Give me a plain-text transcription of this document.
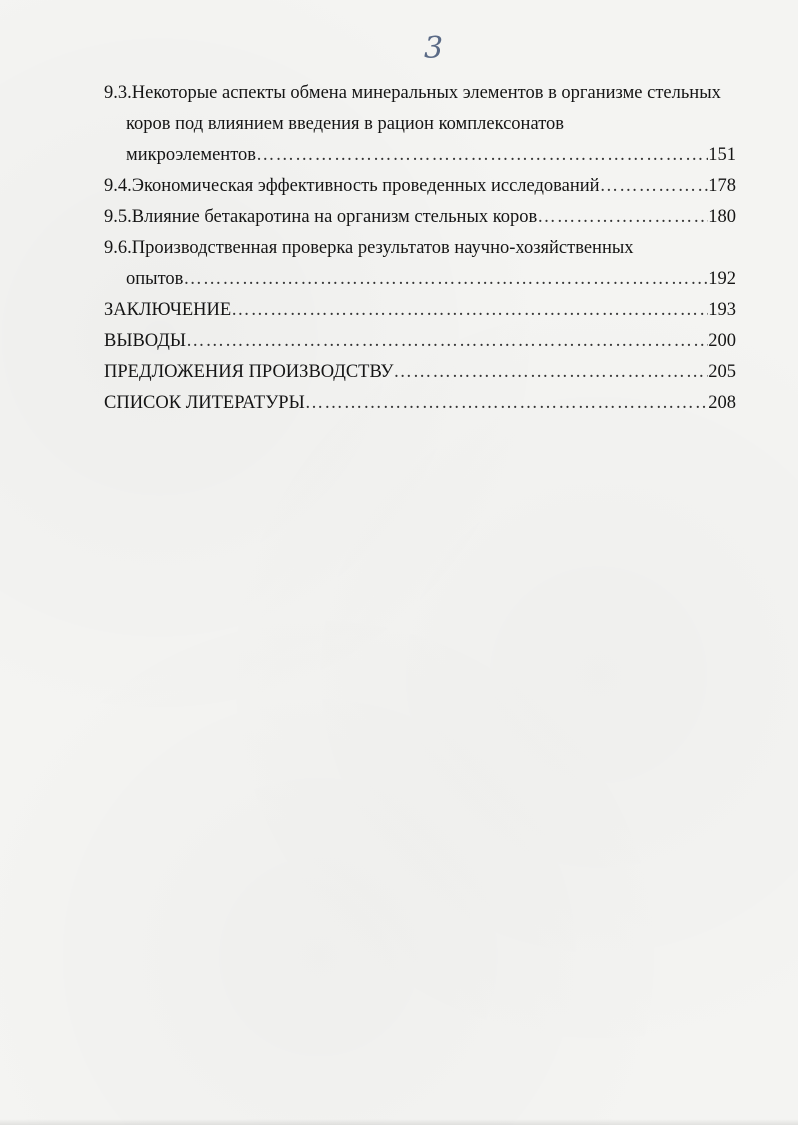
3
9.3.Некоторые аспекты обмена минеральных элементов в организме стельных
коров под влиянием введения в рацион комплексонатов
микроэлементов ………………………………………………………………………………………………………………………………………………………………	151
9.4.Экономическая эффективность проведенных исследований ………………………………………………………………………………………………………………………………………………………………	178
9.5.Влияние бетакаротина на организм стельных коров ………………………………………………………………………………………………………………………………………………………………	180
9.6.Производственная проверка результатов научно-хозяйственных
опытов ………………………………………………………………………………………………………………………………………………………………	192
ЗАКЛЮЧЕНИЕ ………………………………………………………………………………………………………………………………………………………………	193
ВЫВОДЫ ………………………………………………………………………………………………………………………………………………………………	200
ПРЕДЛОЖЕНИЯ ПРОИЗВОДСТВУ ………………………………………………………………………………………………………………………………………………………………	205
СПИСОК ЛИТЕРАТУРЫ ………………………………………………………………………………………………………………………………………………………………	208
